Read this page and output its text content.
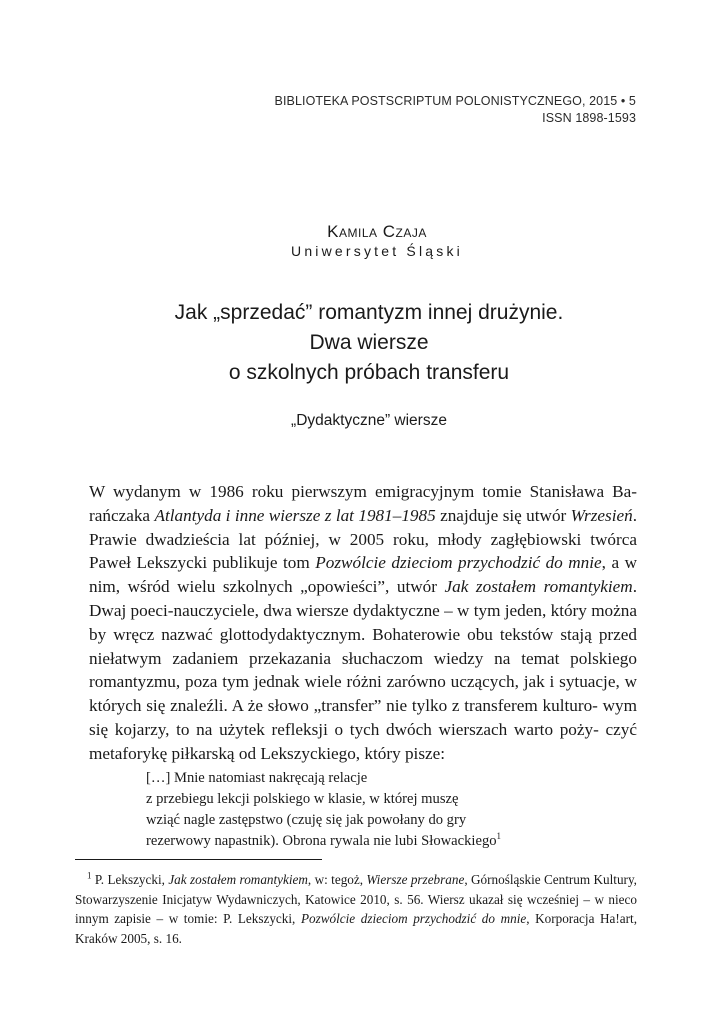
BIBLIOTEKA POSTSCRIPTUM POLONISTYCZNEGO, 2015 • 5
ISSN 1898-1593
Kamila Czaja
Uniwersytet Śląski
Jak „sprzedać” romantyzm innej drużynie.
Dwa wiersze
o szkolnych próbach transferu
„Dydaktyczne” wiersze

W wydanym w 1986 roku pierwszym emigracyjnym tomie Stanisława Ba- rańczaka Atlantyda i inne wiersze z lat 1981–1985 znajduje się utwór Wrzesień. Prawie dwadzieścia lat później, w 2005 roku, młody zagłębiowski twórca Paweł Lekszycki publikuje tom Pozwólcie dzieciom przychodzić do mnie, a w nim, wśród wielu szkolnych „opowieści”, utwór Jak zostałem romantykiem. Dwaj poeci-nauczyciele, dwa wiersze dydaktyczne – w tym jeden, który można by wręcz nazwać glottodydaktycznym. Bohaterowie obu tekstów stają przed niełatwym zadaniem przekazania słuchaczom wiedzy na temat polskiego romantyzmu, poza tym jednak wiele różni zarówno uczących, jak i sytuacje, w których się znaleźli. A że słowo „transfer” nie tylko z transferem kulturo- wym się kojarzy, to na użytek refleksji o tych dwóch wierszach warto poży- czyć metaforykę piłkarską od Lekszyckiego, który pisze:

[…] Mnie natomiast nakręcają relacje
z przebiegu lekcji polskiego w klasie, w której muszę
wziąć nagle zastępstwo (czuję się jak powołany do gry
rezerwowy napastnik). Obrona rywala nie lubi Słowackiego$^1$
$^1$ P. Lekszycki, Jak zostałem romantykiem, w: tegoż, Wiersze przebrane, Górnośląskie Centrum Kultury, Stowarzyszenie Inicjatyw Wydawniczych, Katowice 2010, s. 56. Wiersz ukazał się wcześniej – w nieco innym zapisie – w tomie: P. Lekszycki, Pozwólcie dzieciom przychodzić do mnie, Korporacja Ha!art, Kraków 2005, s. 16.
